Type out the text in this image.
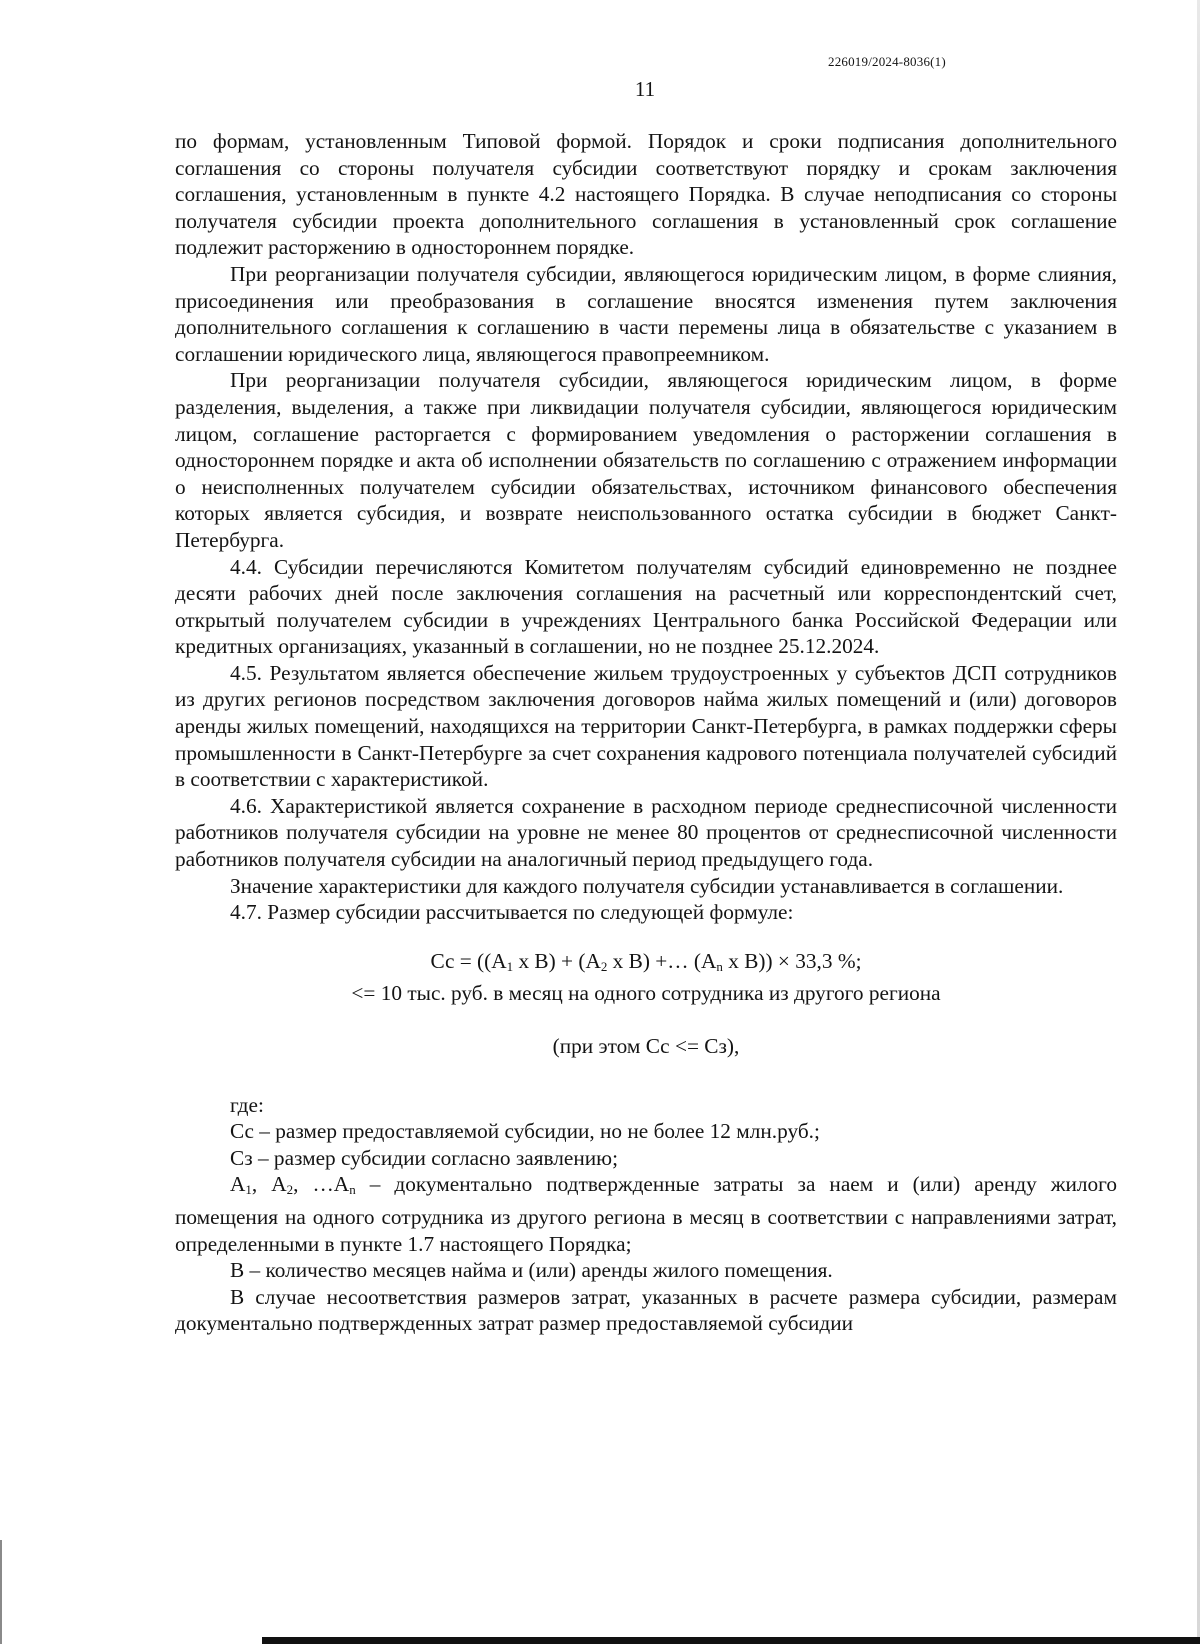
226019/2024-8036(1)
11

по формам, установленным Типовой формой. Порядок и сроки подписания дополнительного соглашения со стороны получателя субсидии соответствуют порядку и срокам заключения соглашения, установленным в пункте 4.2 настоящего Порядка. В случае неподписания со стороны получателя субсидии проекта дополнительного соглашения в установленный срок соглашение подлежит расторжению в одностороннем порядке.

При реорганизации получателя субсидии, являющегося юридическим лицом, в форме слияния, присоединения или преобразования в соглашение вносятся изменения путем заключения дополнительного соглашения к соглашению в части перемены лица в обязательстве с указанием в соглашении юридического лица, являющегося правопреемником.

При реорганизации получателя субсидии, являющегося юридическим лицом, в форме разделения, выделения, а также при ликвидации получателя субсидии, являющегося юридическим лицом, соглашение расторгается с формированием уведомления о расторжении соглашения в одностороннем порядке и акта об исполнении обязательств по соглашению с отражением информации о неисполненных получателем субсидии обязательствах, источником финансового обеспечения которых является субсидия, и возврате неиспользованного остатка субсидии в бюджет Санкт-Петербурга.

4.4. Субсидии перечисляются Комитетом получателям субсидий единовременно не позднее десяти рабочих дней после заключения соглашения на расчетный или корреспондентский счет, открытый получателем субсидии в учреждениях Центрального банка Российской Федерации или кредитных организациях, указанный в соглашении, но не позднее 25.12.2024.

4.5. Результатом является обеспечение жильем трудоустроенных у субъектов ДСП сотрудников из других регионов посредством заключения договоров найма жилых помещений и (или) договоров аренды жилых помещений, находящихся на территории Санкт-Петербурга, в рамках поддержки сферы промышленности в Санкт-Петербурге за счет сохранения кадрового потенциала получателей субсидий в соответствии с характеристикой.

4.6. Характеристикой является сохранение в расходном периоде среднесписочной численности работников получателя субсидии на уровне не менее 80 процентов от среднесписочной численности работников получателя субсидии на аналогичный период предыдущего года.

Значение характеристики для каждого получателя субсидии устанавливается в соглашении.

4.7. Размер субсидии рассчитывается по следующей формуле:

Сс = (($А_1$ х $В) + (А_2$ х В) +… ($А_n$ х В)) × 33,3 %;
<= 10 тыс. руб. в месяц на одного сотрудника из другого региона
(при этом Сс <= Сз),

где:

Сс – размер предоставляемой субсидии, но не более 12 млн.руб.;

Сз – размер субсидии согласно заявлению;

$А_1$, $А_2$, $\dots А_n$ – документально подтвержденные затраты за наем и (или) аренду жилого помещения на одного сотрудника из другого региона в месяц в соответствии с направлениями затрат, определенными в пункте 1.7 настоящего Порядка;

В – количество месяцев найма и (или) аренды жилого помещения.

В случае несоответствия размеров затрат, указанных в расчете размера субсидии, размерам документально подтвержденных затрат размер предоставляемой субсидии
